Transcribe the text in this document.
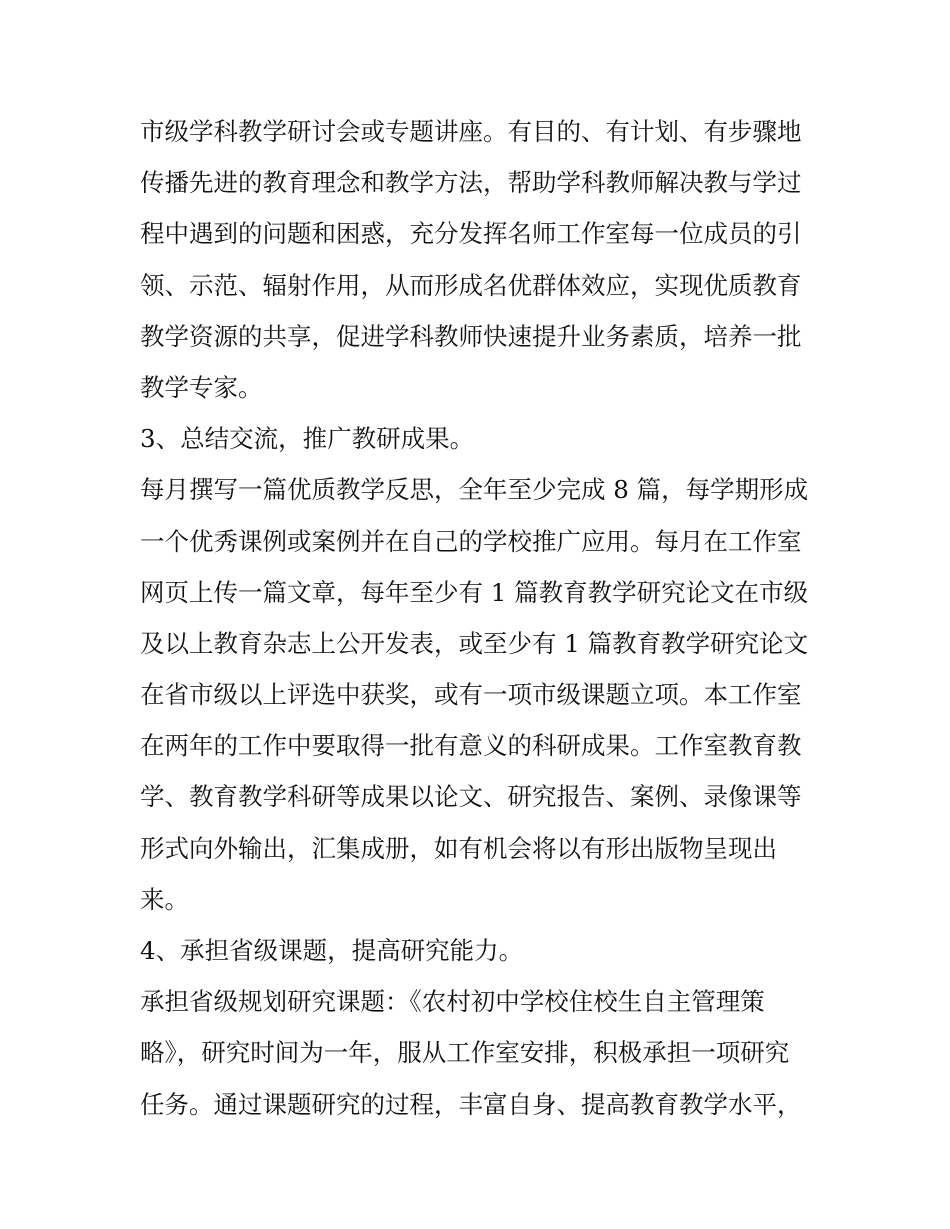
市级学科教学研讨会或专题讲座。有目的、有计划、有步骤地
传播先进的教育理念和教学方法，帮助学科教师解决教与学过
程中遇到的问题和困惑，充分发挥名师工作室每一位成员的引
领、示范、辐射作用，从而形成名优群体效应，实现优质教育
教学资源的共享，促进学科教师快速提升业务素质，培养一批
教学专家。
3、总结交流，推广教研成果。
每月撰写一篇优质教学反思，全年至少完成 8 篇，每学期形成
一个优秀课例或案例并在自己的学校推广应用。每月在工作室
网页上传一篇文章，每年至少有 1 篇教育教学研究论文在市级
及以上教育杂志上公开发表，或至少有 1 篇教育教学研究论文
在省市级以上评选中获奖，或有一项市级课题立项。本工作室
在两年的工作中要取得一批有意义的科研成果。工作室教育教
学、教育教学科研等成果以论文、研究报告、案例、录像课等
形式向外输出，汇集成册，如有机会将以有形出版物呈现出
来。
4、承担省级课题，提高研究能力。
承担省级规划研究课题：《农村初中学校住校生自主管理策
略》，研究时间为一年，服从工作室安排，积极承担一项研究
任务。通过课题研究的过程，丰富自身、提高教育教学水平，
